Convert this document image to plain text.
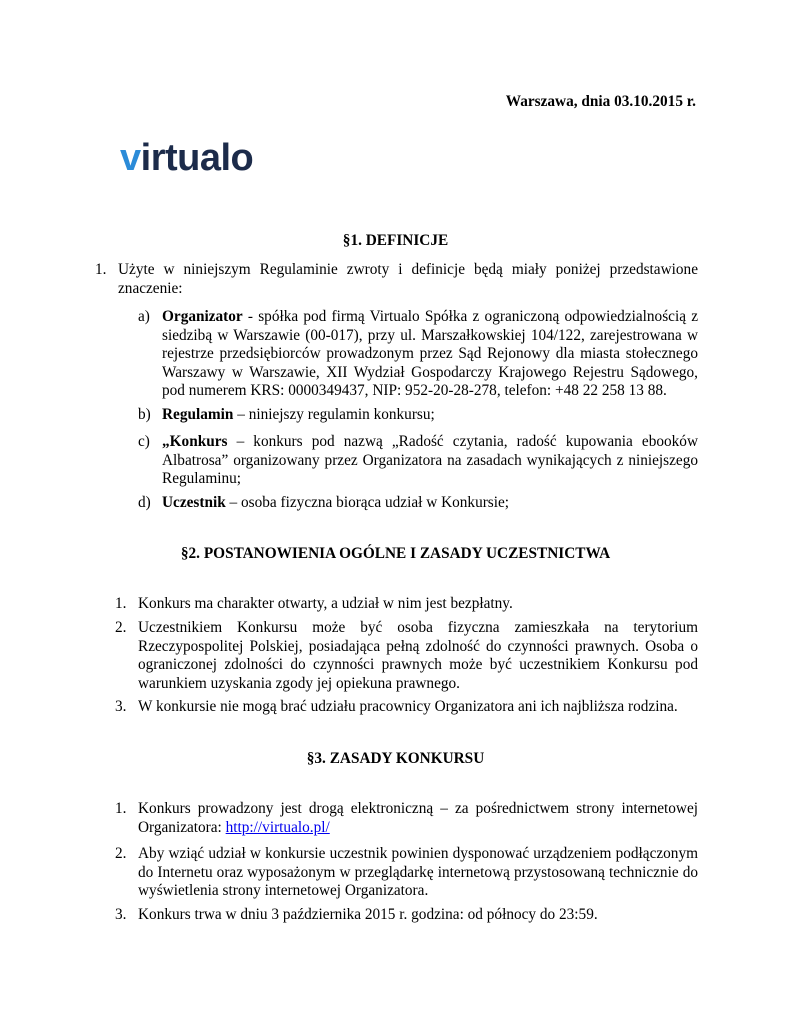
Warszawa, dnia 03.10.2015 r.
v irtualo
§1. DEFINICJE
1. Użyte w niniejszym Regulaminie zwroty i definicje będą miały poniżej przedstawione znaczenie:
a) Organizator - spółka pod firmą Virtualo Spółka z ograniczoną odpowiedzialnością z siedzibą w Warszawie (00-017), przy ul. Marszałkowskiej 104/122, zarejestrowana w rejestrze przedsiębiorców prowadzonym przez Sąd Rejonowy dla miasta stołecznego Warszawy w Warszawie, XII Wydział Gospodarczy Krajowego Rejestru Sądowego, pod numerem KRS: 0000349437, NIP: 952-20-28-278, telefon: +48 22 258 13 88.
b) Regulamin – niniejszy regulamin konkursu;
c) „Konkurs – konkurs pod nazwą „Radość czytania, radość kupowania ebooków Albatrosa” organizowany przez Organizatora na zasadach wynikających z niniejszego Regulaminu;
d) Uczestnik – osoba fizyczna biorąca udział w Konkursie;
§2. POSTANOWIENIA OGÓLNE I ZASADY UCZESTNICTWA
1. Konkurs ma charakter otwarty, a udział w nim jest bezpłatny.
2. Uczestnikiem Konkursu może być osoba fizyczna zamieszkała na terytorium Rzeczypospolitej Polskiej, posiadająca pełną zdolność do czynności prawnych. Osoba o ograniczonej zdolności do czynności prawnych może być uczestnikiem Konkursu pod warunkiem uzyskania zgody jej opiekuna prawnego.
3. W konkursie nie mogą brać udziału pracownicy Organizatora ani ich najbliższa rodzina.
§3. ZASADY KONKURSU
1. Konkurs prowadzony jest drogą elektroniczną – za pośrednictwem strony internetowej Organizatora: http://virtualo.pl/
2. Aby wziąć udział w konkursie uczestnik powinien dysponować urządzeniem podłączonym do Internetu oraz wyposażonym w przeglądarkę internetową przystosowaną technicznie do wyświetlenia strony internetowej Organizatora.
3. Konkurs trwa w dniu 3 października 2015 r. godzina: od północy do 23:59.
